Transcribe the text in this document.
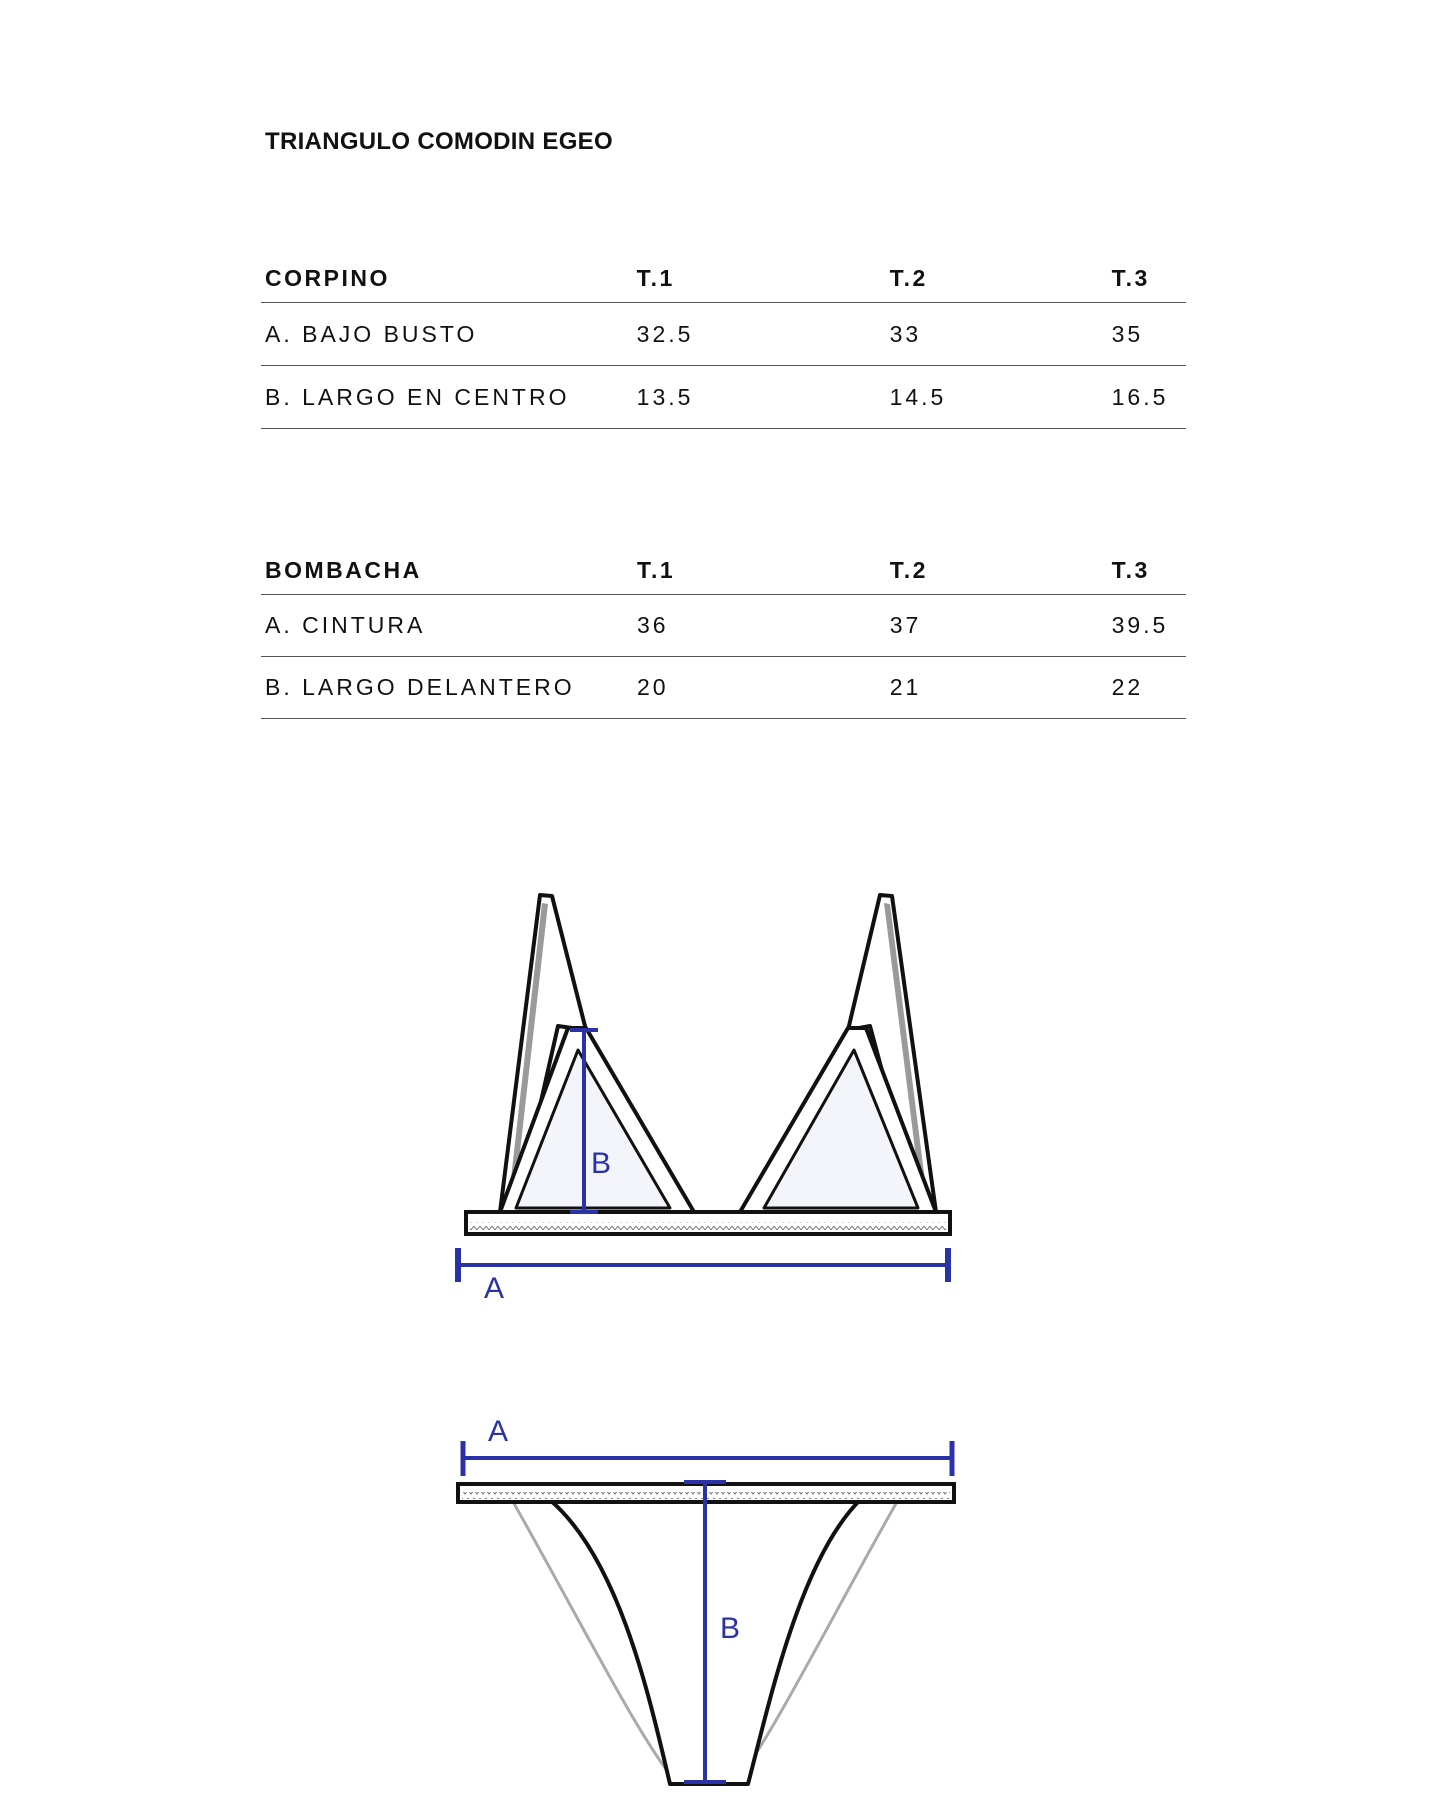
TRIANGULO COMODIN EGEO
CORPINO	T.1	T.2	T.3
A. BAJO BUSTO	32.5	33	35
B. LARGO EN CENTRO	13.5	14.5	16.5
BOMBACHA	T.1	T.2	T.3
A. CINTURA	36	37	39.5
B. LARGO DELANTERO	20	21	22
B
A
A
B
